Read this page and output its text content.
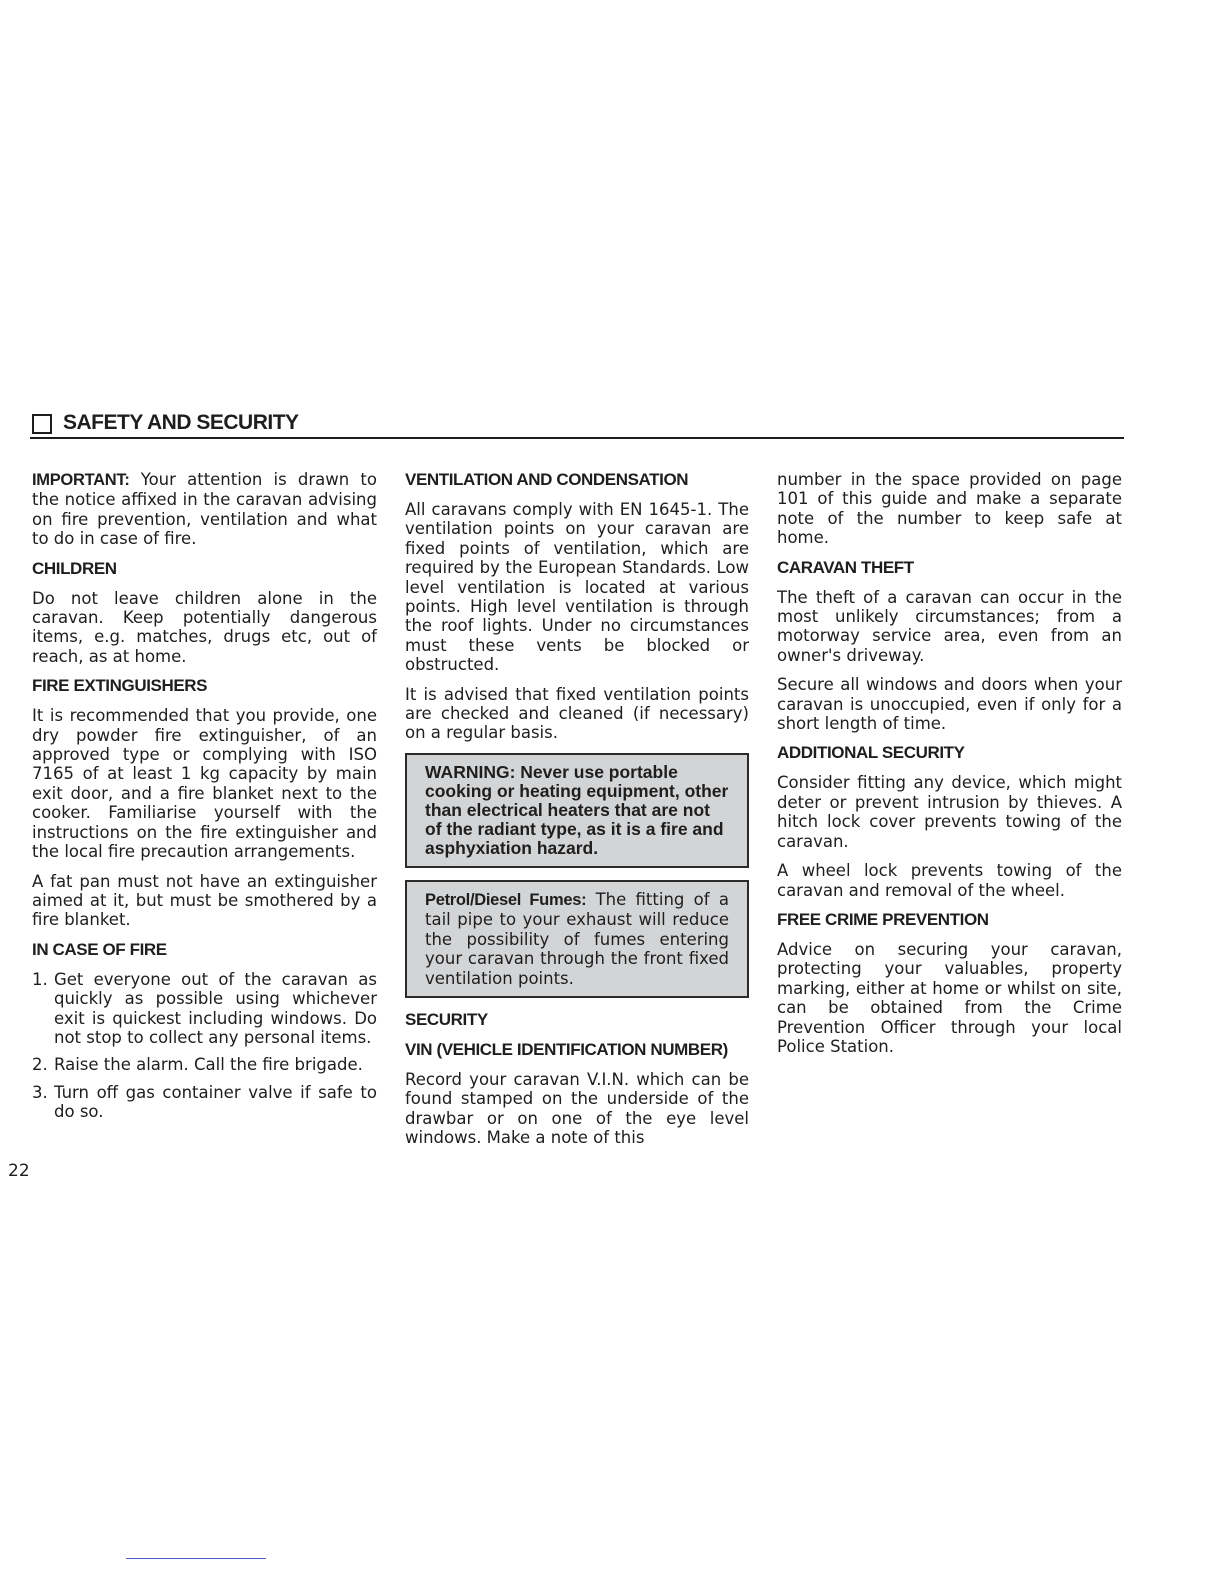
SAFETY AND SECURITY

IMPORTANT: Your attention is drawn to the notice affixed in the caravan advising on fire prevention, ventilation and what to do in case of fire.

CHILDREN

Do not leave children alone in the caravan. Keep potentially dangerous items, e.g. matches, drugs etc, out of reach, as at home.

FIRE EXTINGUISHERS

It is recommended that you provide, one dry powder fire extinguisher, of an approved type or complying with ISO 7165 of at least 1 kg capacity by main exit door, and a fire blanket next to the cooker. Familiarise yourself with the instructions on the fire extinguisher and the local fire precaution arrangements.

A fat pan must not have an extinguisher aimed at it, but must be smothered by a fire blanket.

IN CASE OF FIRE
1. Get everyone out of the caravan as quickly as possible using whichever exit is quickest including windows. Do not stop to collect any personal items.
2. Raise the alarm. Call the fire brigade.
3. Turn off gas container valve if safe to do so.
VENTILATION AND CONDENSATION

All caravans comply with EN 1645-1. The ventilation points on your caravan are fixed points of ventilation, which are required by the European Standards. Low level ventilation is located at various points. High level ventilation is through the roof lights. Under no circumstances must these vents be blocked or obstructed.

It is advised that fixed ventilation points are checked and cleaned (if necessary) on a regular basis.

WARNING: Never use portable cooking or heating equipment, other than electrical heaters that are not of the radiant type, as it is a fire and asphyxiation hazard.

Petrol/Diesel Fumes: The fitting of a tail pipe to your exhaust will reduce the possibility of fumes entering your caravan through the front fixed ventilation points.

SECURITY
VIN (VEHICLE IDENTIFICATION NUMBER)

Record your caravan V.I.N. which can be found stamped on the underside of the drawbar or on one of the eye level windows. Make a note of this

number in the space provided on page 101 of this guide and make a separate note of the number to keep safe at home.

CARAVAN THEFT

The theft of a caravan can occur in the most unlikely circumstances; from a motorway service area, even from an owner's driveway.

Secure all windows and doors when your caravan is unoccupied, even if only for a short length of time.

ADDITIONAL SECURITY

Consider fitting any device, which might deter or prevent intrusion by thieves. A hitch lock cover prevents towing of the caravan.

A wheel lock prevents towing of the caravan and removal of the wheel.

FREE CRIME PREVENTION

Advice on securing your caravan, protecting your valuables, property marking, either at home or whilst on site, can be obtained from the Crime Prevention Officer through your local Police Station.

22
